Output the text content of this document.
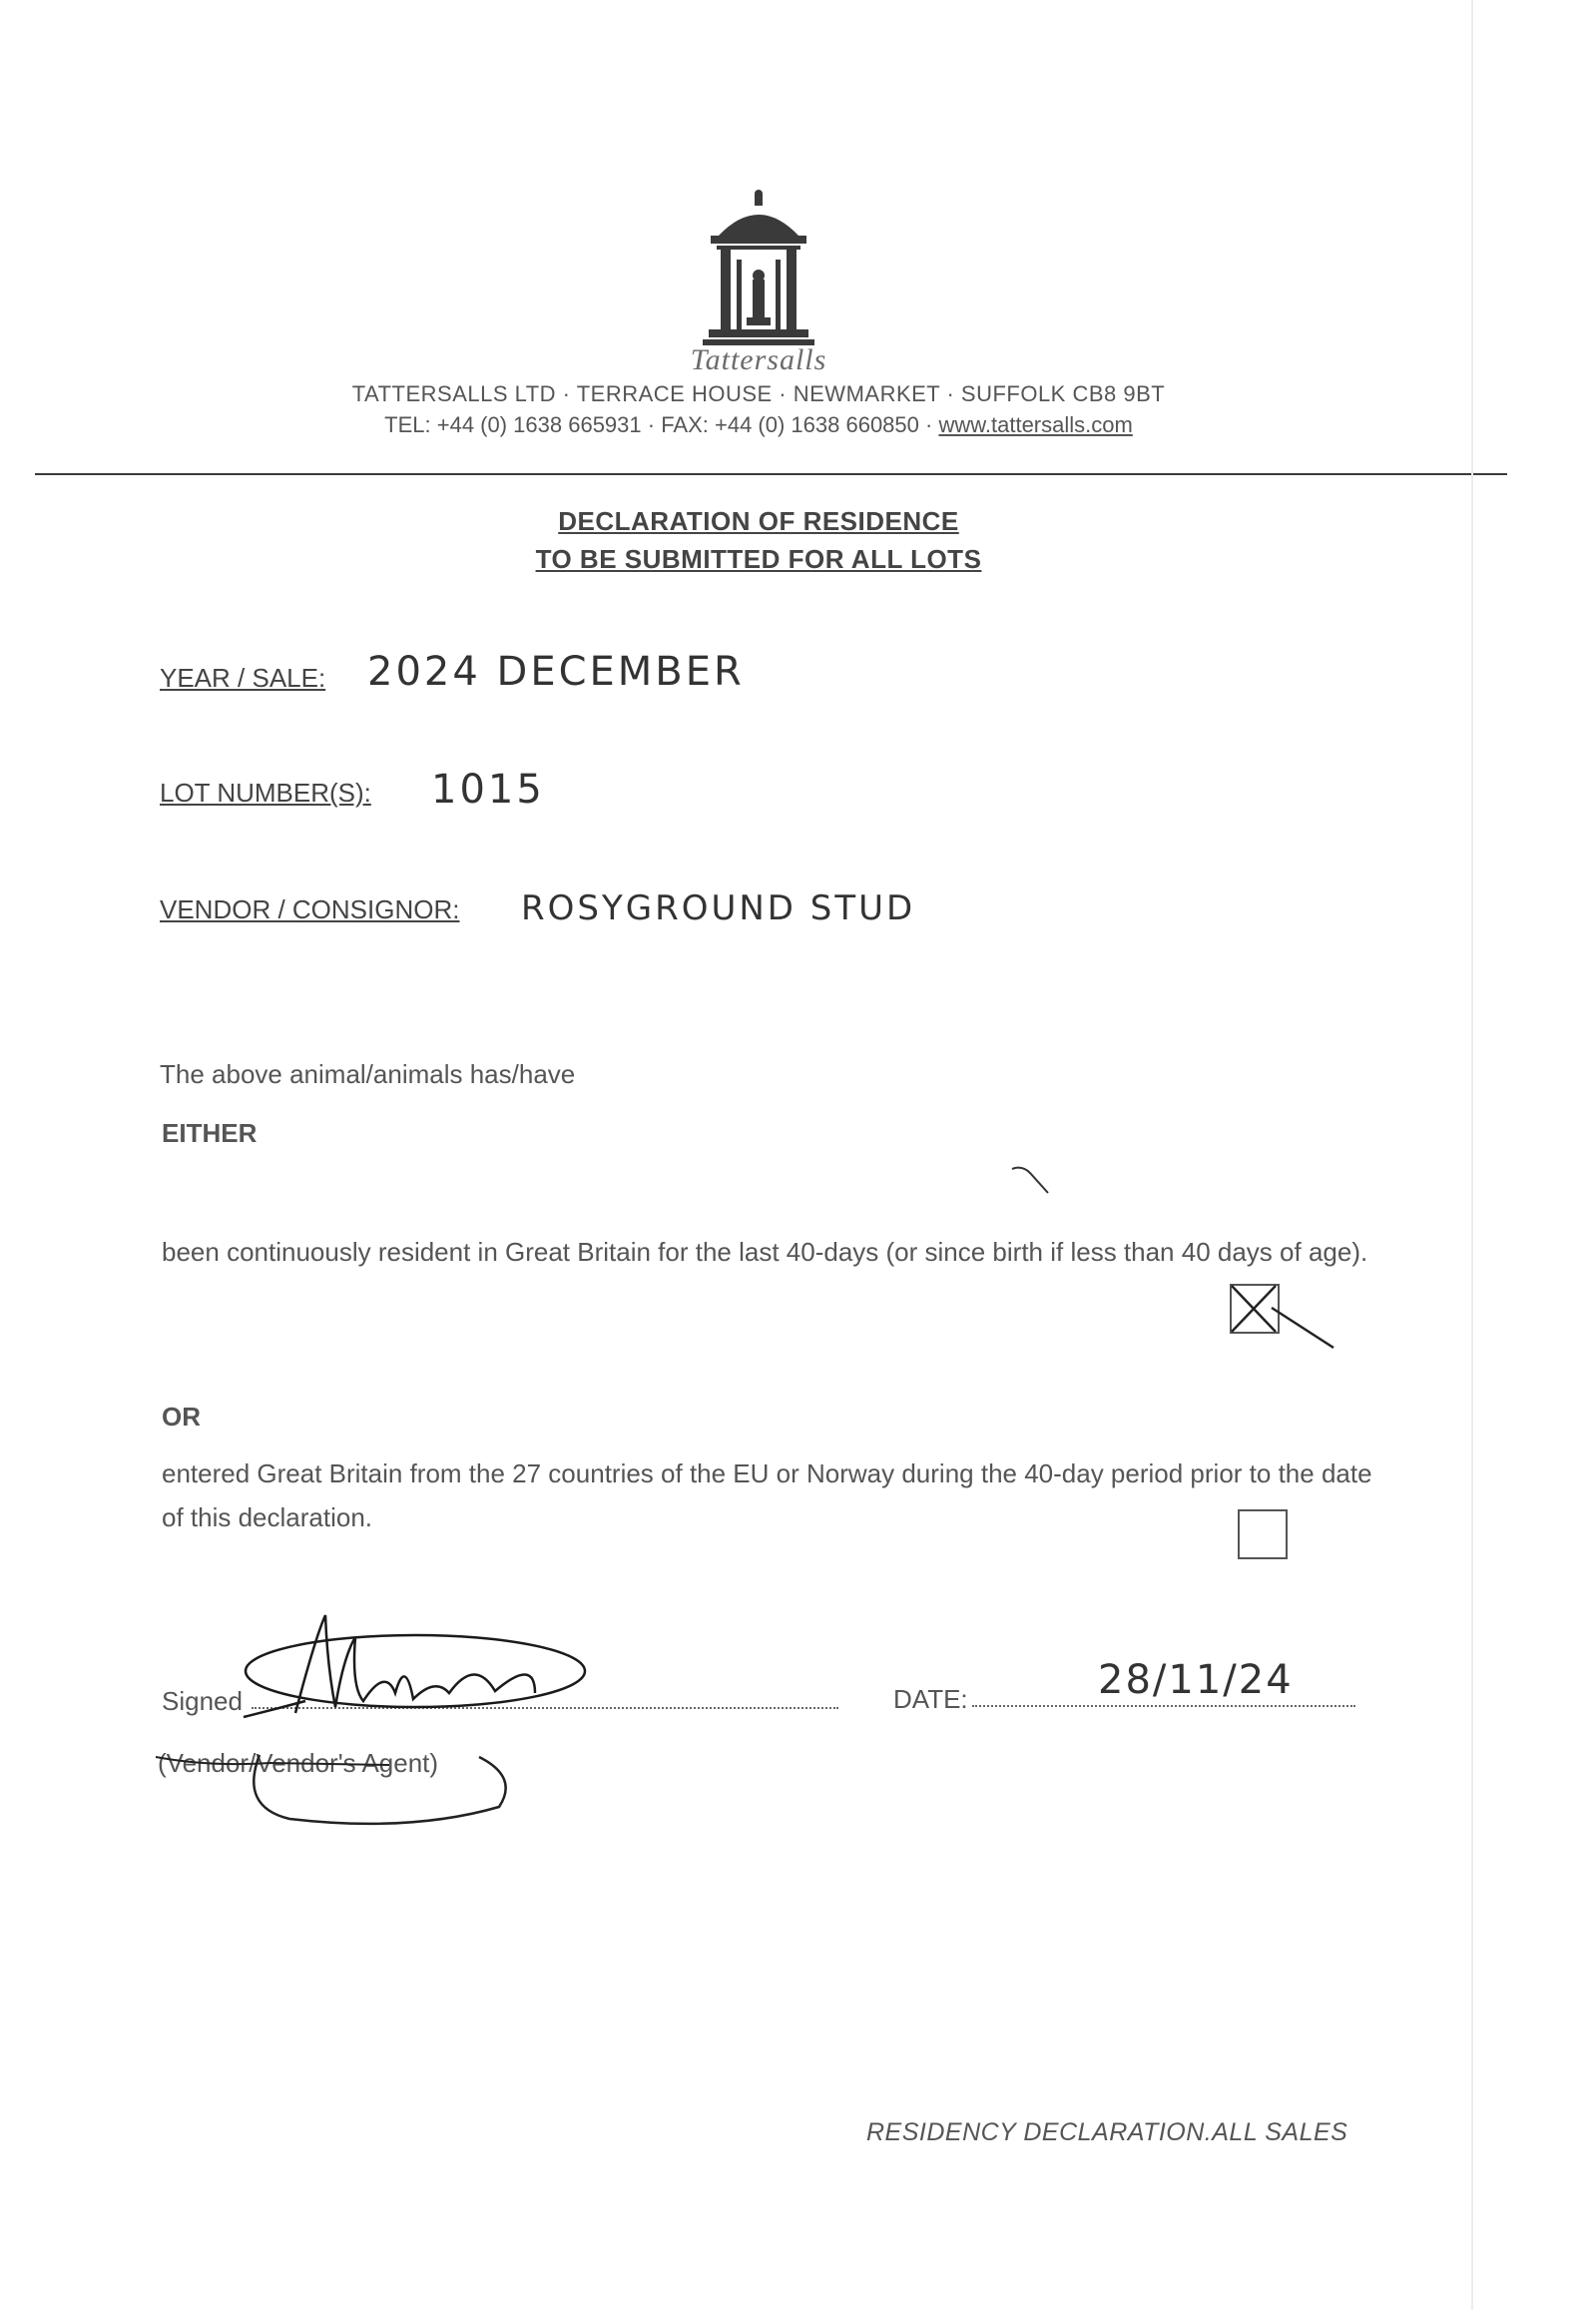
Tattersalls
TATTERSALLS LTD · TERRACE HOUSE · NEWMARKET · SUFFOLK CB8 9BT
TEL: +44 (0) 1638 665931 · FAX: +44 (0) 1638 660850 · www.tattersalls.com
DECLARATION OF RESIDENCE
TO BE SUBMITTED FOR ALL LOTS
YEAR / SALE: 2024 DECEMBER
LOT NUMBER(S): 1015
VENDOR / CONSIGNOR: ROSYGROUND STUD
The above animal/animals has/have
EITHER
been continuously resident in Great Britain for the last 40-days (or since birth if less than 40 days of age).
OR
entered Great Britain from the 27 countries of the EU or Norway during the 40-day period prior to the date of this declaration.
Signed
(Vendor/Vendor's Agent)
DATE:	28/11/24
RESIDENCY DECLARATION.ALL SALES
